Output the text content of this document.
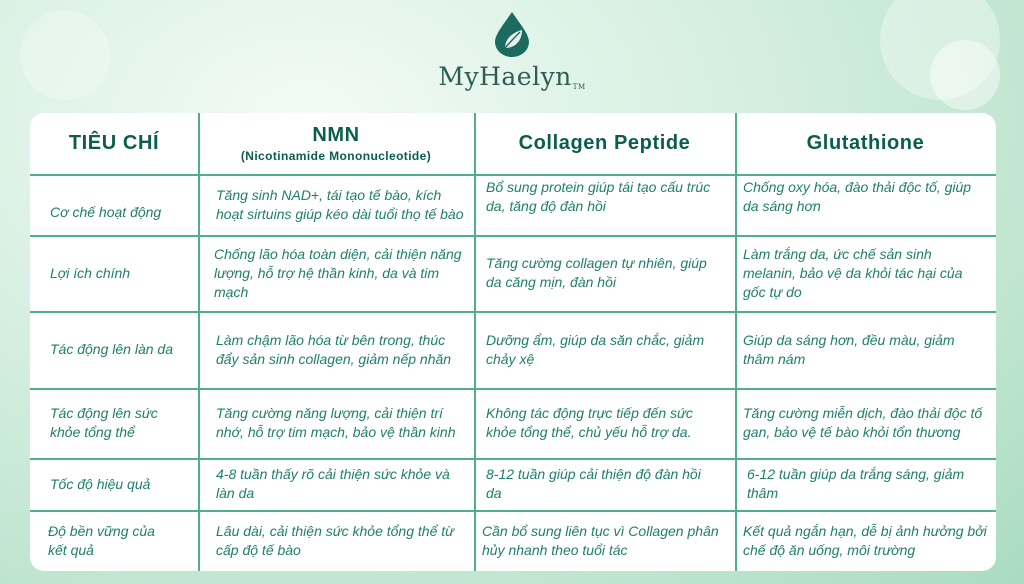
MyHaelynTM
TIÊU CHÍ	NMN
(Nicotinamide Mononucleotide)
Collagen Peptide	Glutathione
Cơ chế hoạt động
Tăng sinh NAD+, tái tạo tế bào, kích hoạt sirtuins giúp kéo dài tuổi thọ tế bào
Bổ sung protein giúp tái tạo cấu trúc da, tăng độ đàn hồi
Chống oxy hóa, đào thải độc tố, giúp da sáng hơn
Lợi ích chính
Chống lão hóa toàn diện, cải thiện năng lượng, hỗ trợ hệ thần kinh, da và tim mạch
Tăng cường collagen tự nhiên, giúp da căng mịn, đàn hồi
Làm trắng da, ức chế sản sinh melanin, bảo vệ da khỏi tác hại của gốc tự do
Tác động lên làn da
Làm chậm lão hóa từ bên trong, thúc đẩy sản sinh collagen, giảm nếp nhăn
Dưỡng ẩm, giúp da săn chắc, giảm chảy xệ
Giúp da sáng hơn, đều màu, giảm thâm nám
Tác động lên sức khỏe tổng thể
Tăng cường năng lượng, cải thiện trí nhớ, hỗ trợ tim mạch, bảo vệ thần kinh
Không tác động trực tiếp đến sức khỏe tổng thể, chủ yếu hỗ trợ da.
Tăng cường miễn dịch, đào thải độc tố gan, bảo vệ tế bào khỏi tổn thương
Tốc độ hiệu quả
4-8 tuần thấy rõ cải thiện sức khỏe và làn da
8-12 tuần giúp cải thiện độ đàn hồi da
6-12 tuần giúp da trắng sáng, giảm thâm
Độ bền vững của kết quả
Lâu dài, cải thiện sức khỏe tổng thể từ cấp độ tế bào
Cần bổ sung liên tục vì Collagen phân hủy nhanh theo tuổi tác
Kết quả ngắn hạn, dễ bị ảnh hưởng bởi chế độ ăn uống, môi trường
